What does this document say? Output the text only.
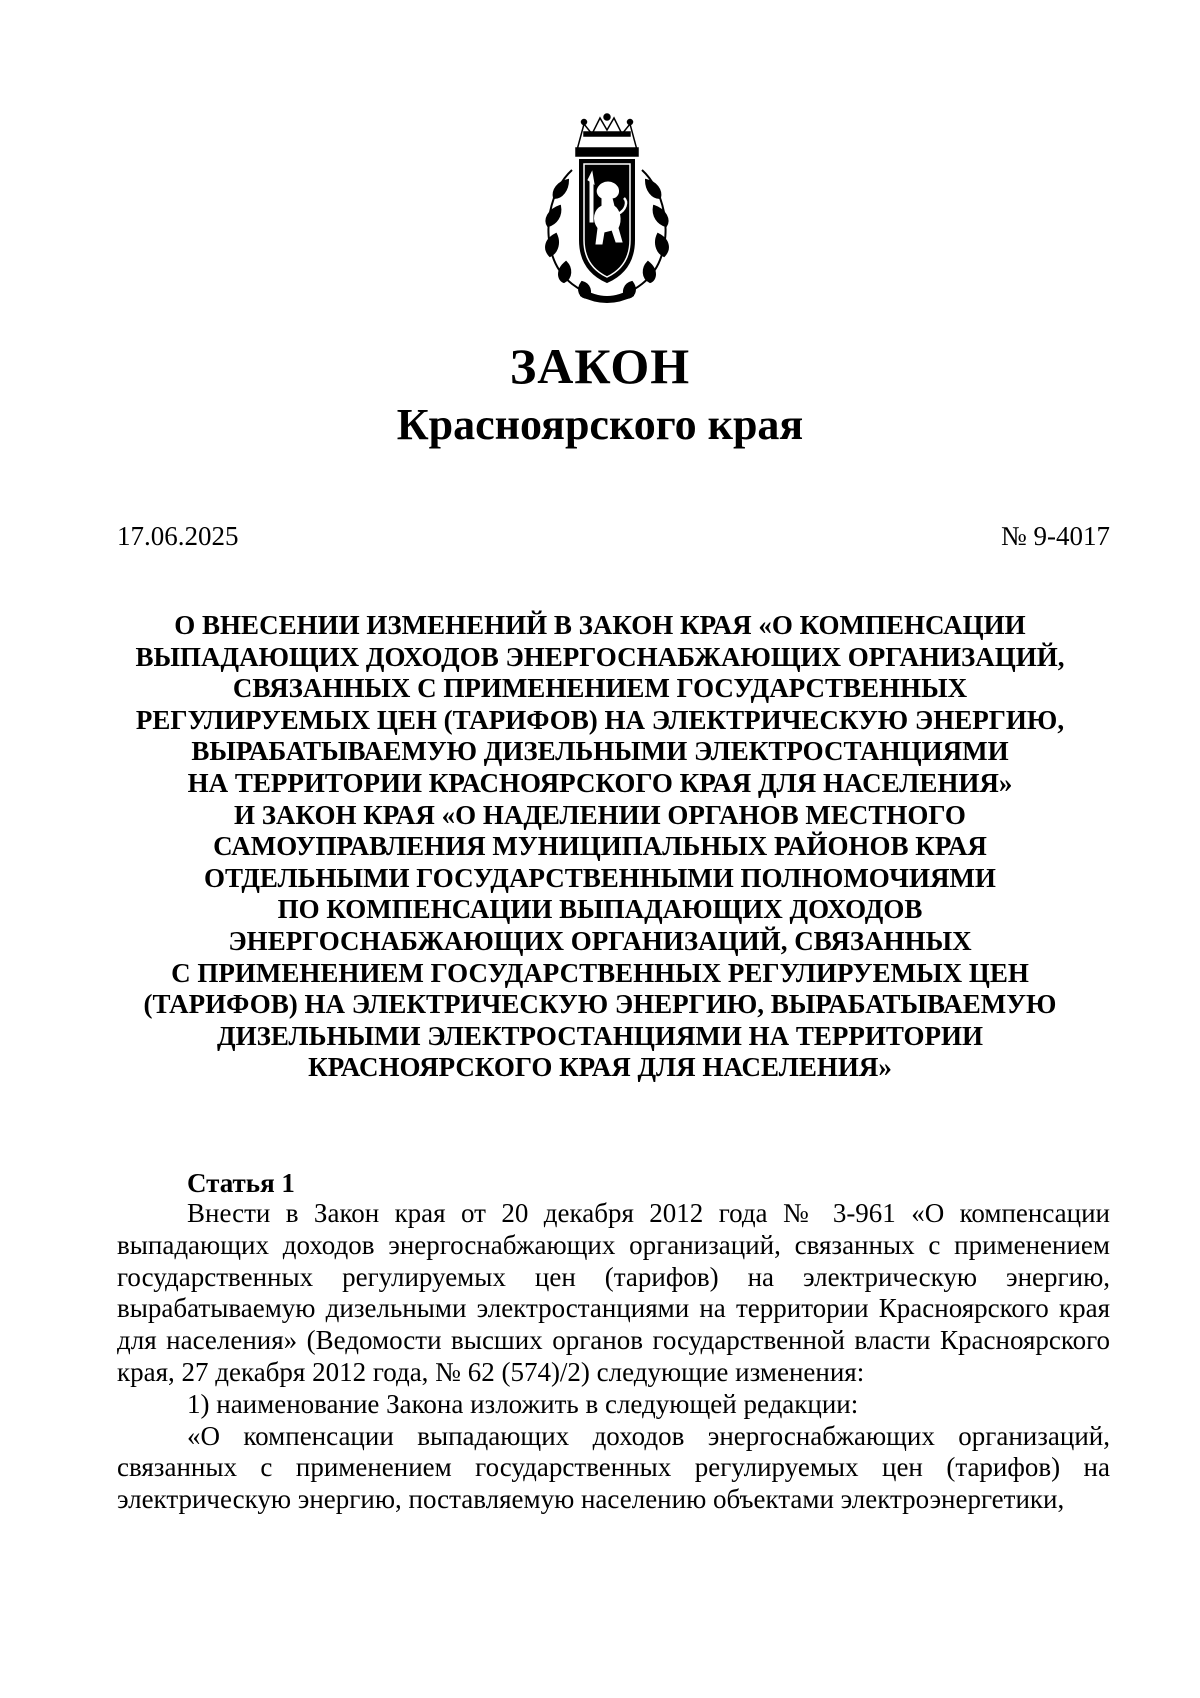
ЗАКОН
Красноярского края
17.06.2025	№ 9-4017
О ВНЕСЕНИИ ИЗМЕНЕНИЙ В ЗАКОН КРАЯ «О КОМПЕНСАЦИИ
ВЫПАДАЮЩИХ ДОХОДОВ ЭНЕРГОСНАБЖАЮЩИХ ОРГАНИЗАЦИЙ,
СВЯЗАННЫХ С ПРИМЕНЕНИЕМ ГОСУДАРСТВЕННЫХ
РЕГУЛИРУЕМЫХ ЦЕН (ТАРИФОВ) НА ЭЛЕКТРИЧЕСКУЮ ЭНЕРГИЮ,
ВЫРАБАТЫВАЕМУЮ ДИЗЕЛЬНЫМИ ЭЛЕКТРОСТАНЦИЯМИ
НА ТЕРРИТОРИИ КРАСНОЯРСКОГО КРАЯ ДЛЯ НАСЕЛЕНИЯ»
И ЗАКОН КРАЯ «О НАДЕЛЕНИИ ОРГАНОВ МЕСТНОГО
САМОУПРАВЛЕНИЯ МУНИЦИПАЛЬНЫХ РАЙОНОВ КРАЯ
ОТДЕЛЬНЫМИ ГОСУДАРСТВЕННЫМИ ПОЛНОМОЧИЯМИ
ПО КОМПЕНСАЦИИ ВЫПАДАЮЩИХ ДОХОДОВ
ЭНЕРГОСНАБЖАЮЩИХ ОРГАНИЗАЦИЙ, СВЯЗАННЫХ
С ПРИМЕНЕНИЕМ ГОСУДАРСТВЕННЫХ РЕГУЛИРУЕМЫХ ЦЕН
(ТАРИФОВ) НА ЭЛЕКТРИЧЕСКУЮ ЭНЕРГИЮ, ВЫРАБАТЫВАЕМУЮ
ДИЗЕЛЬНЫМИ ЭЛЕКТРОСТАНЦИЯМИ НА ТЕРРИТОРИИ
КРАСНОЯРСКОГО КРАЯ ДЛЯ НАСЕЛЕНИЯ»
Статья 1

Внести в Закон края от 20 декабря 2012 года № 3-961 «О компенсации выпадающих доходов энергоснабжающих организаций, связанных с применением государственных регулируемых цен (тарифов) на электрическую энергию, вырабатываемую дизельными электростанциями на территории Красноярского края для населения» (Ведомости высших органов государственной власти Красноярского края, 27 декабря 2012 года, № 62 (574)/2) следующие изменения:

1) наименование Закона изложить в следующей редакции:

«О компенсации выпадающих доходов энергоснабжающих организаций, связанных с применением государственных регулируемых цен (тарифов) на электрическую энергию, поставляемую населению объектами электроэнергетики,
